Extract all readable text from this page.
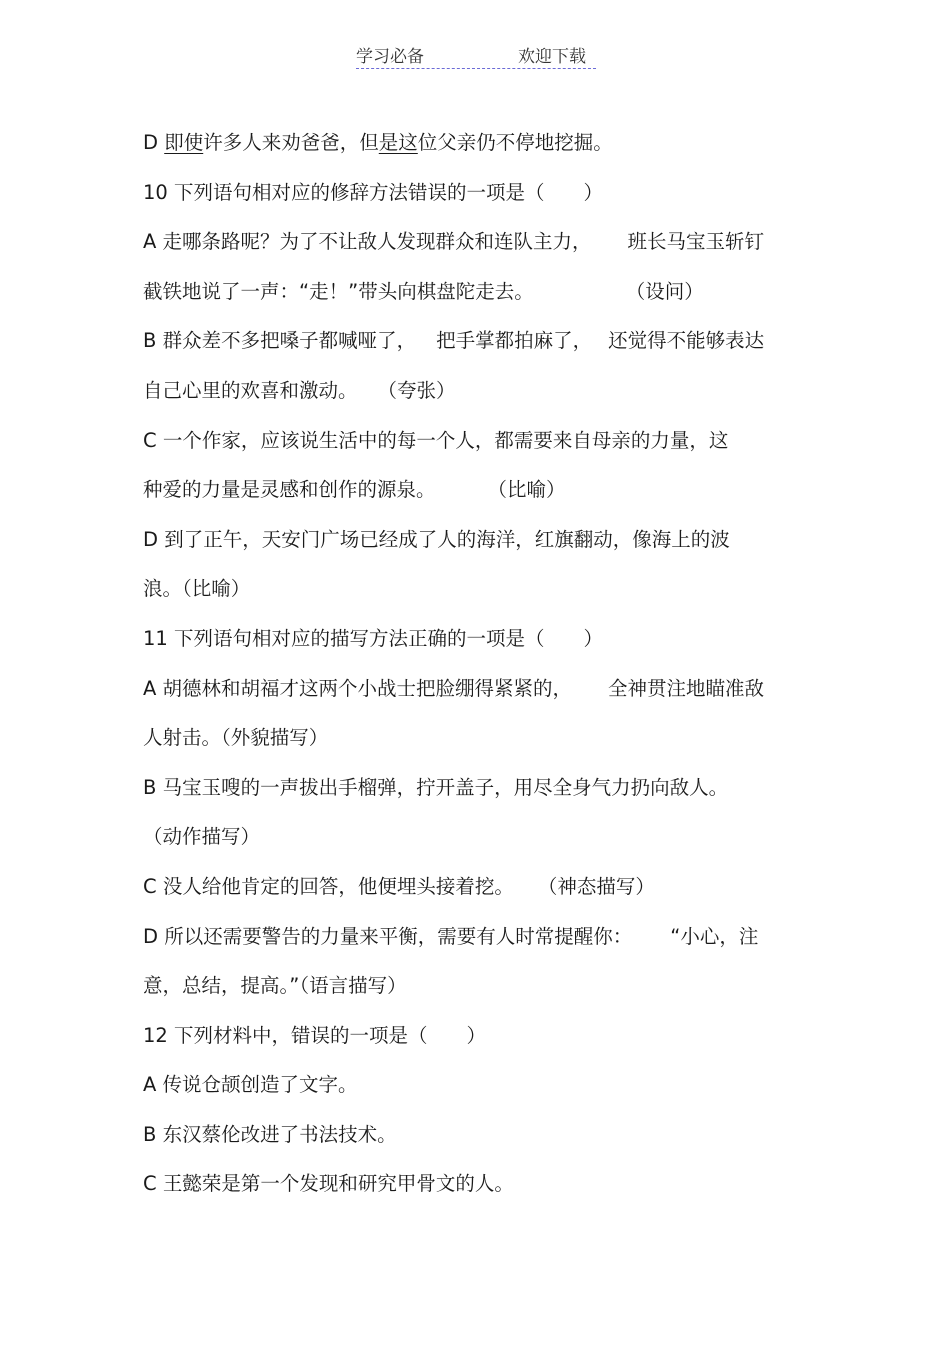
学习必备	欢迎下载
D 即使许多人来劝爸爸，但是这位父亲仍不停地挖掘。
10 下列语句相对应的修辞方法错误的一项是（　　）
A 走哪条路呢？为了不让敌人发现群众和连队主力， 班长马宝玉斩钉
截铁地说了一声：“走！”带头向棋盘陀走去。	（设问）
B 群众差不多把嗓子都喊哑了， 把手掌都拍麻了， 还觉得不能够表达
自己心里的欢喜和激动。 （夸张）
C 一个作家，应该说生活中的每一个人，都需要来自母亲的力量，这
种爱的力量是灵感和创作的源泉。	（比喻）
D 到了正午，天安门广场已经成了人的海洋，红旗翻动，像海上的波
浪。（比喻）
11 下列语句相对应的描写方法正确的一项是（　　）
A 胡德林和胡福才这两个小战士把脸绷得紧紧的， 全神贯注地瞄准敌
人射击。（外貌描写）
B 马宝玉嗖的一声拔出手榴弹，拧开盖子，用尽全身气力扔向敌人。
（动作描写）
C 没人给他肯定的回答，他便埋头接着挖。 （神态描写）
D 所以还需要警告的力量来平衡，需要有人时常提醒你： “小心，注
意，总结，提高。”（语言描写）
12 下列材料中，错误的一项是（　　）
A 传说仓颉创造了文字。
B 东汉蔡伦改进了书法技术。
C 王懿荣是第一个发现和研究甲骨文的人。
